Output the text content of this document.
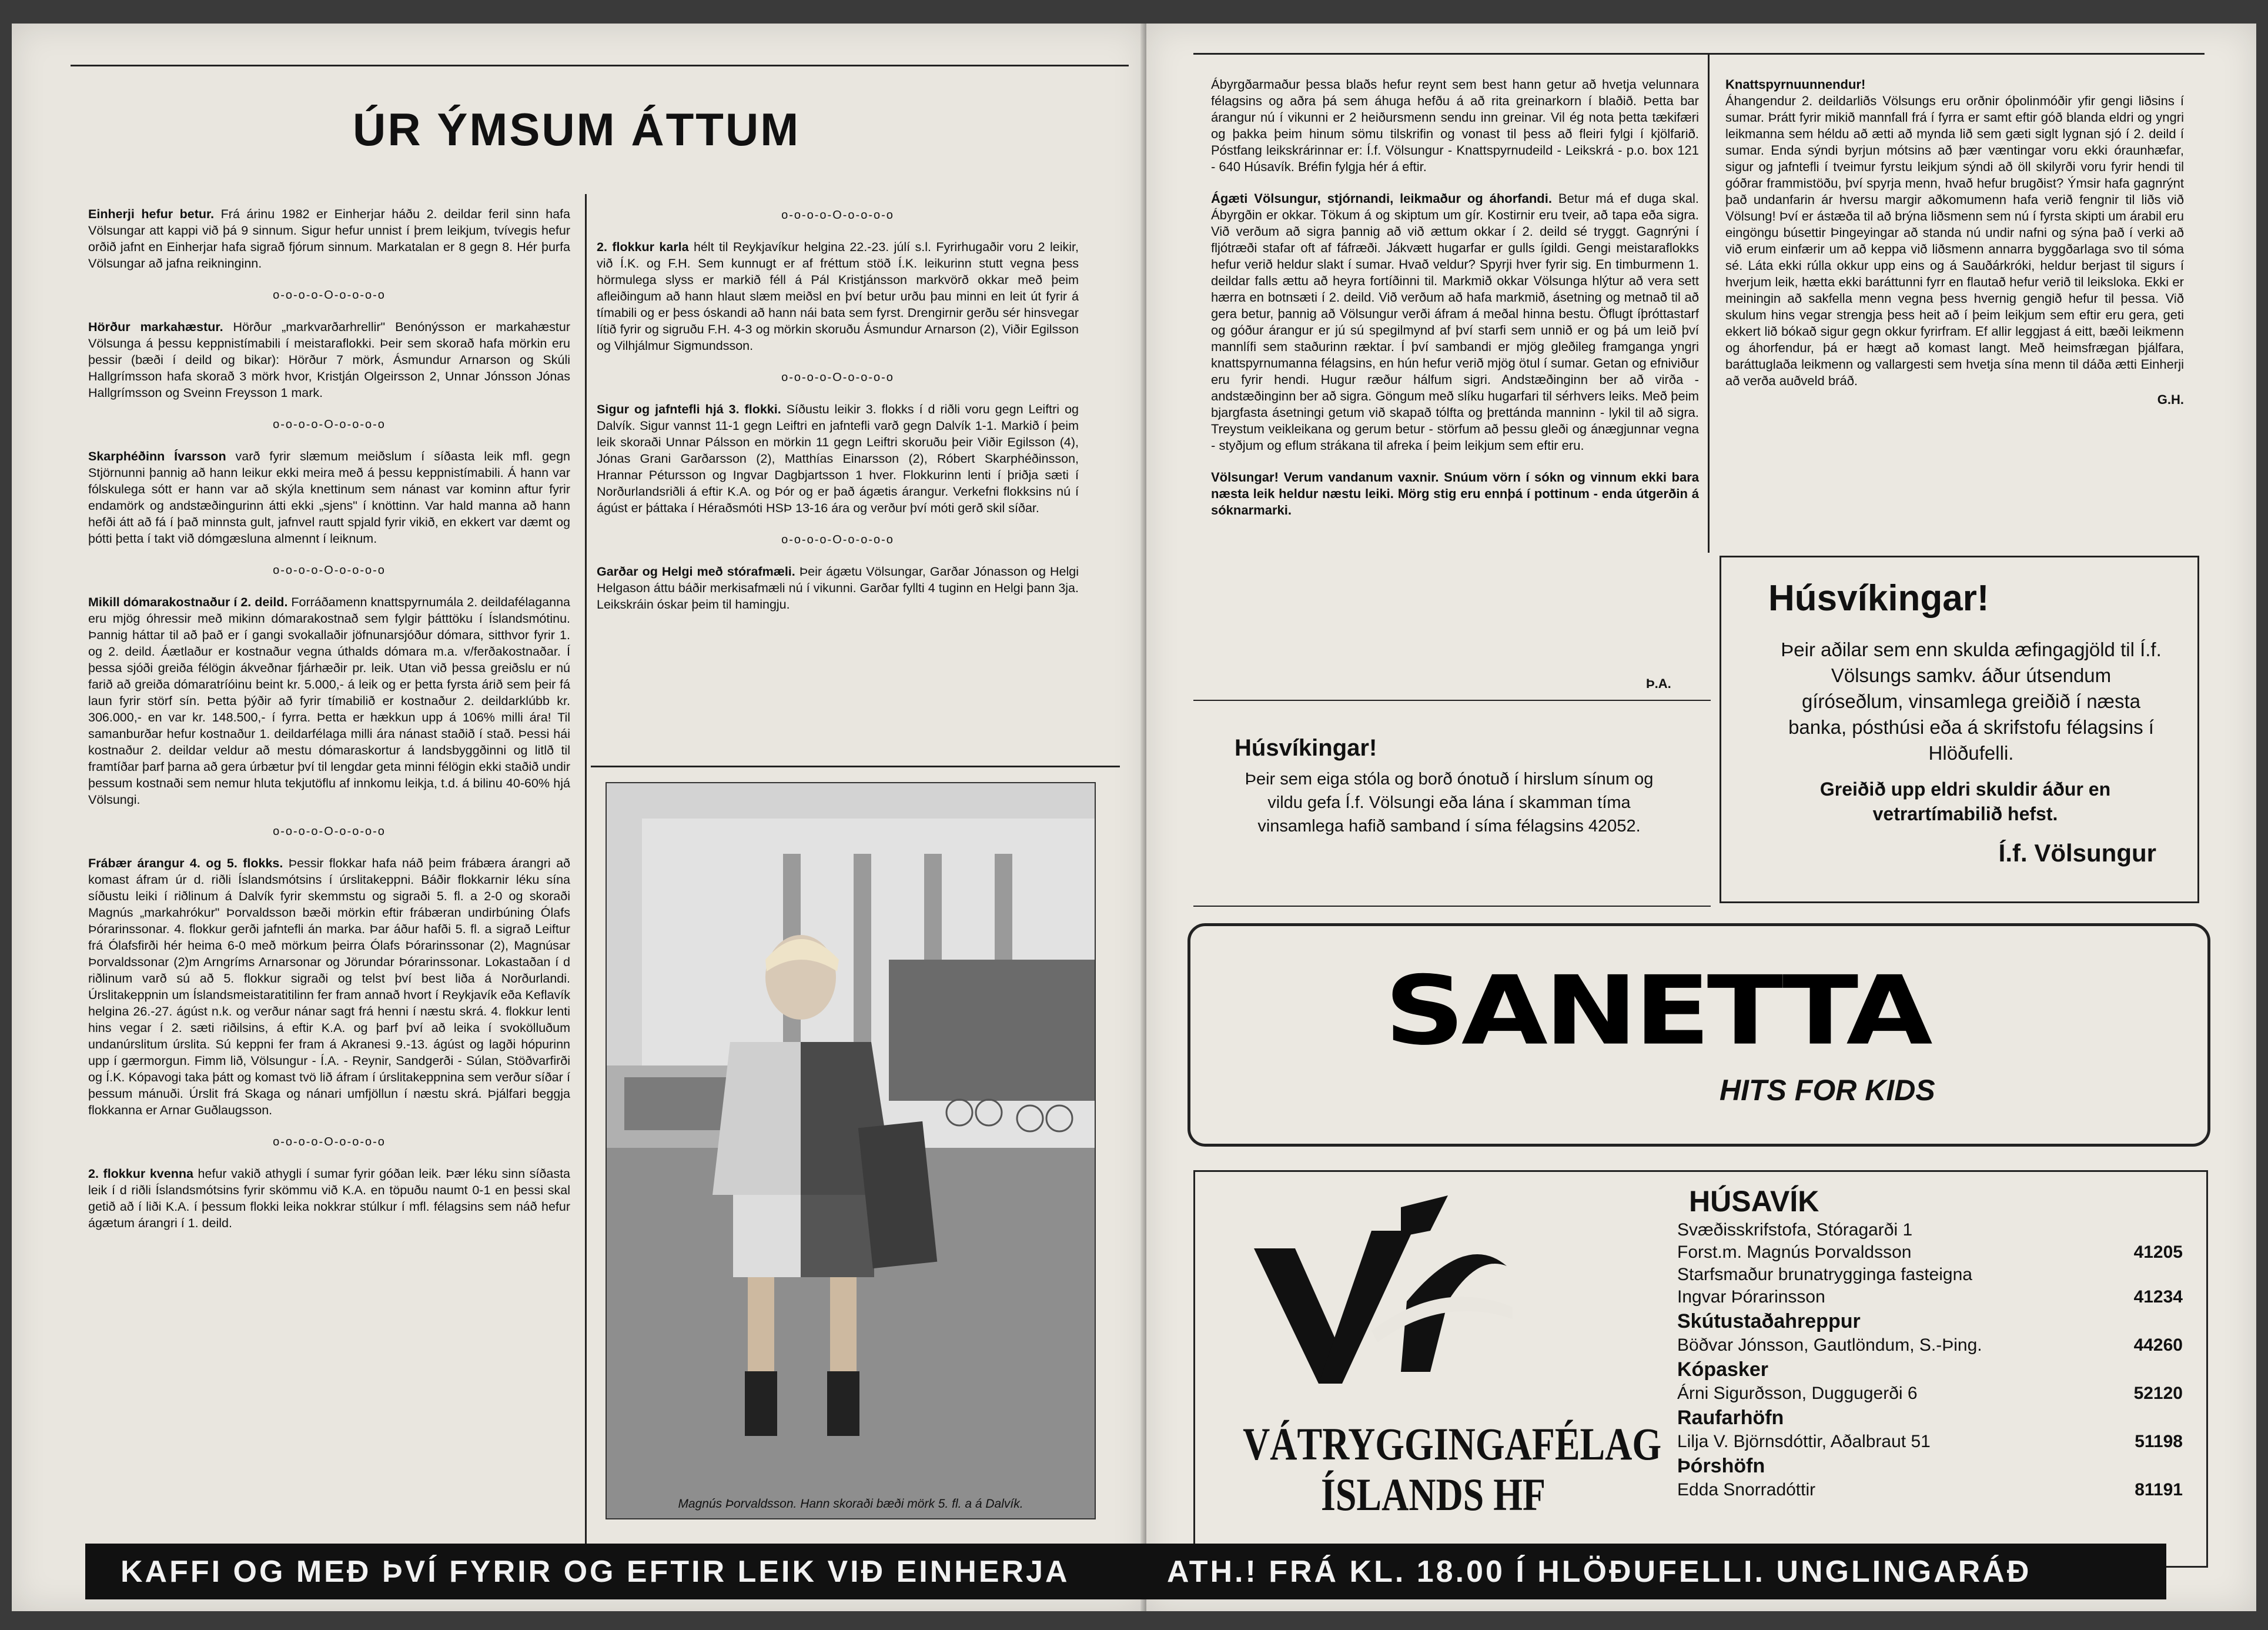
ÚR ÝMSUM ÁTTUM

Einherji hefur betur. Frá árinu 1982 er Einherjar háðu 2. deildar feril sinn hafa Völsungar att kappi við þá 9 sinnum. Sigur hefur unnist í þrem leikjum, tvívegis hefur orðið jafnt en Einherjar hafa sigrað fjórum sinnum. Markatalan er 8 gegn 8. Hér þurfa Völsungar að jafna reikninginn.

o-o-o-o-O-o-o-o-o

Hörður markahæstur. Hörður „markvarðarhrellir" Benónýsson er markahæstur Völsunga á þessu keppnistímabili í meistaraflokki. Þeir sem skorað hafa mörkin eru þessir (bæði í deild og bikar): Hörður 7 mörk, Ásmundur Arnarson og Skúli Hallgrímsson hafa skorað 3 mörk hvor, Kristján Olgeirsson 2, Unnar Jónsson Jónas Hallgrímsson og Sveinn Freysson 1 mark.

o-o-o-o-O-o-o-o-o

Skarphéðinn Ívarsson varð fyrir slæmum meiðslum í síðasta leik mfl. gegn Stjörnunni þannig að hann leikur ekki meira með á þessu keppnistímabili. Á hann var fólskulega sótt er hann var að skýla knettinum sem nánast var kominn aftur fyrir endamörk og andstæðingurinn átti ekki „sjens" í knöttinn. Var hald manna að hann hefði átt að fá í það minnsta gult, jafnvel rautt spjald fyrir vikið, en ekkert var dæmt og þótti þetta í takt við dómgæsluna almennt í leiknum.

o-o-o-o-O-o-o-o-o

Mikill dómarakostnaður í 2. deild. Forráðamenn knattspyrnumála 2. deildafélaganna eru mjög óhressir með mikinn dómarakostnað sem fylgir þátttöku í Íslandsmótinu. Þannig háttar til að það er í gangi svokallaðir jöfnunarsjóður dómara, sitthvor fyrir 1. og 2. deild. Áætlaður er kostnaður vegna úthalds dómara m.a. v/ferðakostnaðar. Í þessa sjóði greiða félögin ákveðnar fjárhæðir pr. leik. Utan við þessa greiðslu er nú farið að greiða dómaratríóinu beint kr. 5.000,- á leik og er þetta fyrsta árið sem þeir fá laun fyrir störf sín. Þetta þýðir að fyrir tímabilið er kostnaður 2. deildarklúbb kr. 306.000,- en var kr. 148.500,- í fyrra. Þetta er hækkun upp á 106% milli ára! Til samanburðar hefur kostnaður 1. deildarfélaga milli ára nánast staðið í stað. Þessi hái kostnaður 2. deildar veldur að mestu dómaraskortur á landsbyggðinni og litlð til framtíðar þarf þarna að gera úrbætur því til lengdar geta minni félögin ekki staðið undir þessum kostnaði sem nemur hluta tekjutöflu af innkomu leikja, t.d. á bilinu 40-60% hjá Völsungi.

o-o-o-o-O-o-o-o-o

Frábær árangur 4. og 5. flokks. Þessir flokkar hafa náð þeim frábæra árangri að komast áfram úr d. riðli Íslandsmótsins í úrslitakeppni. Báðir flokkarnir léku sína síðustu leiki í riðlinum á Dalvík fyrir skemmstu og sigraði 5. fl. a 2-0 og skoraði Magnús „markahrókur" Þorvaldsson bæði mörkin eftir frábæran undirbúning Ólafs Þórarinssonar. 4. flokkur gerði jafntefli án marka. Þar áður hafði 5. fl. a sigrað Leiftur frá Ólafsfirði hér heima 6-0 með mörkum þeirra Ólafs Þórarinssonar (2), Magnúsar Þorvaldssonar (2)m Arngríms Arnarsonar og Jörundar Þórarinssonar. Lokastaðan í d riðlinum varð sú að 5. flokkur sigraði og telst því best liða á Norðurlandi. Úrslitakeppnin um Íslandsmeistaratitilinn fer fram annað hvort í Reykjavík eða Keflavík helgina 26.-27. ágúst n.k. og verður nánar sagt frá henni í næstu skrá. 4. flokkur lenti hins vegar í 2. sæti riðilsins, á eftir K.A. og þarf því að leika í svokölluðum undanúrslitum úrslita. Sú keppni fer fram á Akranesi 9.-13. ágúst og lagði hópurinn upp í gærmorgun. Fimm lið, Völsungur - Í.A. - Reynir, Sandgerði - Súlan, Stöðvarfirði og Í.K. Kópavogi taka þátt og komast tvö lið áfram í úrslitakeppnina sem verður síðar í þessum mánuði. Úrslit frá Skaga og nánari umfjöllun í næstu skrá. Þjálfari beggja flokkanna er Arnar Guðlaugsson.

o-o-o-o-O-o-o-o-o

2. flokkur kvenna hefur vakið athygli í sumar fyrir góðan leik. Þær léku sinn síðasta leik í d riðli Íslandsmótsins fyrir skömmu við K.A. en töpuðu naumt 0-1 en þessi skal getið að í liði K.A. í þessum flokki leika nokkrar stúlkur í mfl. félagsins sem náð hefur ágætum árangri í 1. deild.

o-o-o-o-O-o-o-o-o

2. flokkur karla hélt til Reykjavíkur helgina 22.-23. júlí s.l. Fyrirhugaðir voru 2 leikir, við Í.K. og F.H. Sem kunnugt er af fréttum stöð Í.K. leikurinn stutt vegna þess hörmulega slyss er markið féll á Pál Kristjánsson markvörð okkar með þeim afleiðingum að hann hlaut slæm meiðsl en því betur urðu þau minni en leit út fyrir á tímabili og er þess óskandi að hann nái bata sem fyrst. Drengirnir gerðu sér hinsvegar lítið fyrir og sigruðu F.H. 4-3 og mörkin skoruðu Ásmundur Arnarson (2), Viðir Egilsson og Vilhjálmur Sigmundsson.

o-o-o-o-O-o-o-o-o

Sigur og jafntefli hjá 3. flokki. Síðustu leikir 3. flokks í d riðli voru gegn Leiftri og Dalvík. Sigur vannst 11-1 gegn Leiftri en jafntefli varð gegn Dalvík 1-1. Markið í þeim leik skoraði Unnar Pálsson en mörkin 11 gegn Leiftri skoruðu þeir Viðir Egilsson (4), Jónas Grani Garðarsson (2), Matthías Einarsson (2), Róbert Skarphéðinsson, Hrannar Pétursson og Ingvar Dagbjartsson 1 hver. Flokkurinn lenti í þriðja sæti í Norðurlandsriðli á eftir K.A. og Þór og er það ágætis árangur. Verkefni flokksins nú í ágúst er þáttaka í Héraðsmóti HSÞ 13-16 ára og verður því móti gerð skil síðar.

o-o-o-o-O-o-o-o-o

Garðar og Helgi með stórafmæli. Þeir ágætu Völsungar, Garðar Jónasson og Helgi Helgason áttu báðir merkisafmæli nú í vikunni. Garðar fyllti 4 tuginn en Helgi þann 3ja. Leikskráin óskar þeim til hamingju.

Magnús Þorvaldsson. Hann skoraði bæði mörk 5. fl. a á Dalvík.

Ábyrgðarmaður þessa blaðs hefur reynt sem best hann getur að hvetja velunnara félagsins og aðra þá sem áhuga hefðu á að rita greinarkorn í blaðið. Þetta bar árangur nú í vikunni er 2 heiðursmenn sendu inn greinar. Vil ég nota þetta tækifæri og þakka þeim hinum sömu tilskrifin og vonast til þess að fleiri fylgi í kjölfarið. Póstfang leikskrárinnar er: Í.f. Völsungur - Knattspyrnudeild - Leikskrá - p.o. box 121 - 640 Húsavík. Bréfin fylgja hér á eftir.

Ágæti Völsungur, stjórnandi, leikmaður og áhorfandi. Betur má ef duga skal. Ábyrgðin er okkar. Tökum á og skiptum um gír. Kostirnir eru tveir, að tapa eða sigra. Við verðum að sigra þannig að við ættum okkar í 2. deild sé tryggt. Gagnrýni í fljótræði stafar oft af fáfræði. Jákvætt hugarfar er gulls ígildi. Gengi meistaraflokks hefur verið heldur slakt í sumar. Hvað veldur? Spyrji hver fyrir sig. En timburmenn 1. deildar falls ættu að heyra fortíðinni til. Markmið okkar Völsunga hlýtur að vera sett hærra en botnsæti í 2. deild. Við verðum að hafa markmið, ásetning og metnað til að gera betur, þannig að Völsungur verði áfram á meðal hinna bestu. Öflugt íþróttastarf og góður árangur er jú sú spegilmynd af því starfi sem unnið er og þá um leið því mannlífi sem staðurinn ræktar. Í því sambandi er mjög gleðileg framganga yngri knattspyrnumanna félagsins, en hún hefur verið mjög ötul í sumar. Getan og efniviður eru fyrir hendi. Hugur ræður hálfum sigri. Andstæðinginn ber að virða - andstæðinginn ber að sigra. Göngum með slíku hugarfari til sérhvers leiks. Með þeim bjargfasta ásetningi getum við skapað tólfta og þrettánda manninn - lykil til að sigra. Treystum veikleikana og gerum betur - störfum að þessu gleði og ánægjunnar vegna - styðjum og eflum strákana til afreka í þeim leikjum sem eftir eru.

Völsungar! Verum vandanum vaxnir. Snúum vörn í sókn og vinnum ekki bara næsta leik heldur næstu leiki. Mörg stig eru ennþá í pottinum - enda útgerðin á sóknarmarki.

Þ.A.

Knattspyrnuunnendur!
Áhangendur 2. deildarliðs Völsungs eru orðnir óþolinmóðir yfir gengi liðsins í sumar. Þrátt fyrir mikið mannfall frá í fyrra er samt eftir góð blanda eldri og yngri leikmanna sem héldu að ætti að mynda lið sem gæti siglt lygnan sjó í 2. deild í sumar. Enda sýndi byrjun mótsins að þær væntingar voru ekki óraunhæfar, sigur og jafntefli í tveimur fyrstu leikjum sýndi að öll skilyrði voru fyrir hendi til góðrar frammistöðu, því spyrja menn, hvað hefur brugðist? Ýmsir hafa gagnrýnt það undanfarin ár hversu margir aðkomumenn hafa verið fengnir til liðs við Völsung! Því er ástæða til að brýna liðsmenn sem nú í fyrsta skipti um árabil eru eingöngu búsettir Þingeyingar að standa nú undir nafni og sýna það í verki að við erum einfærir um að keppa við liðsmenn annarra byggðarlaga svo til sóma sé. Láta ekki rúlla okkur upp eins og á Sauðárkróki, heldur berjast til sigurs í hverjum leik, hætta ekki baráttunni fyrr en flautað hefur verið til leiksloka. Ekki er meiningin að sakfella menn vegna þess hvernig gengið hefur til þessa. Við skulum hins vegar strengja þess heit að í þeim leikjum sem eftir eru gera, geti ekkert lið bókað sigur gegn okkur fyrirfram. Ef allir leggjast á eitt, bæði leikmenn og áhorfendur, þá er hægt að komast langt. Með heimsfrægan þjálfara, baráttuglaða leikmenn og vallargesti sem hvetja sína menn til dáða ætti Einherji að verða auðveld bráð.

G.H.
Húsvíkingar!
Þeir sem eiga stóla og borð ónotuð í hirslum sínum og vildu gefa Í.f. Völsungi eða lána í skamman tíma vinsamlega hafið samband í síma félagsins 42052.
Húsvíkingar!
Þeir aðilar sem enn skulda æfingagjöld til Í.f. Völsungs samkv. áður útsendum gíróseðlum, vinsamlega greiðið í næsta banka, pósthúsi eða á skrifstofu félagsins í Hlöðufelli.
Greiðið upp eldri skuldir áður en vetrartímabilið hefst.
Í.f. Völsungur
SANETTA
HITS FOR KIDS
VÁTRYGGINGAFÉLAG
ÍSLANDS HF
HÚSAVÍK
Svæðisskrifstofa, Stóragarði 1
Forst.m. Magnús Þorvaldsson	41205
Starfsmaður brunatrygginga fasteigna
Ingvar Þórarinsson	41234
Skútustaðahreppur
Böðvar Jónsson, Gautlöndum, S.-Þing.	44260
Kópasker
Árni Sigurðsson, Duggugerði 6	52120
Raufarhöfn
Lilja V. Björnsdóttir, Aðalbraut 51	51198
Þórshöfn
Edda Snorradóttir	81191
KAFFI OG MEÐ ÞVÍ FYRIR OG EFTIR LEIK VIÐ EINHERJA	ATH.! FRÁ KL. 18.00 Í HLÖÐUFELLI. UNGLINGARÁÐ
